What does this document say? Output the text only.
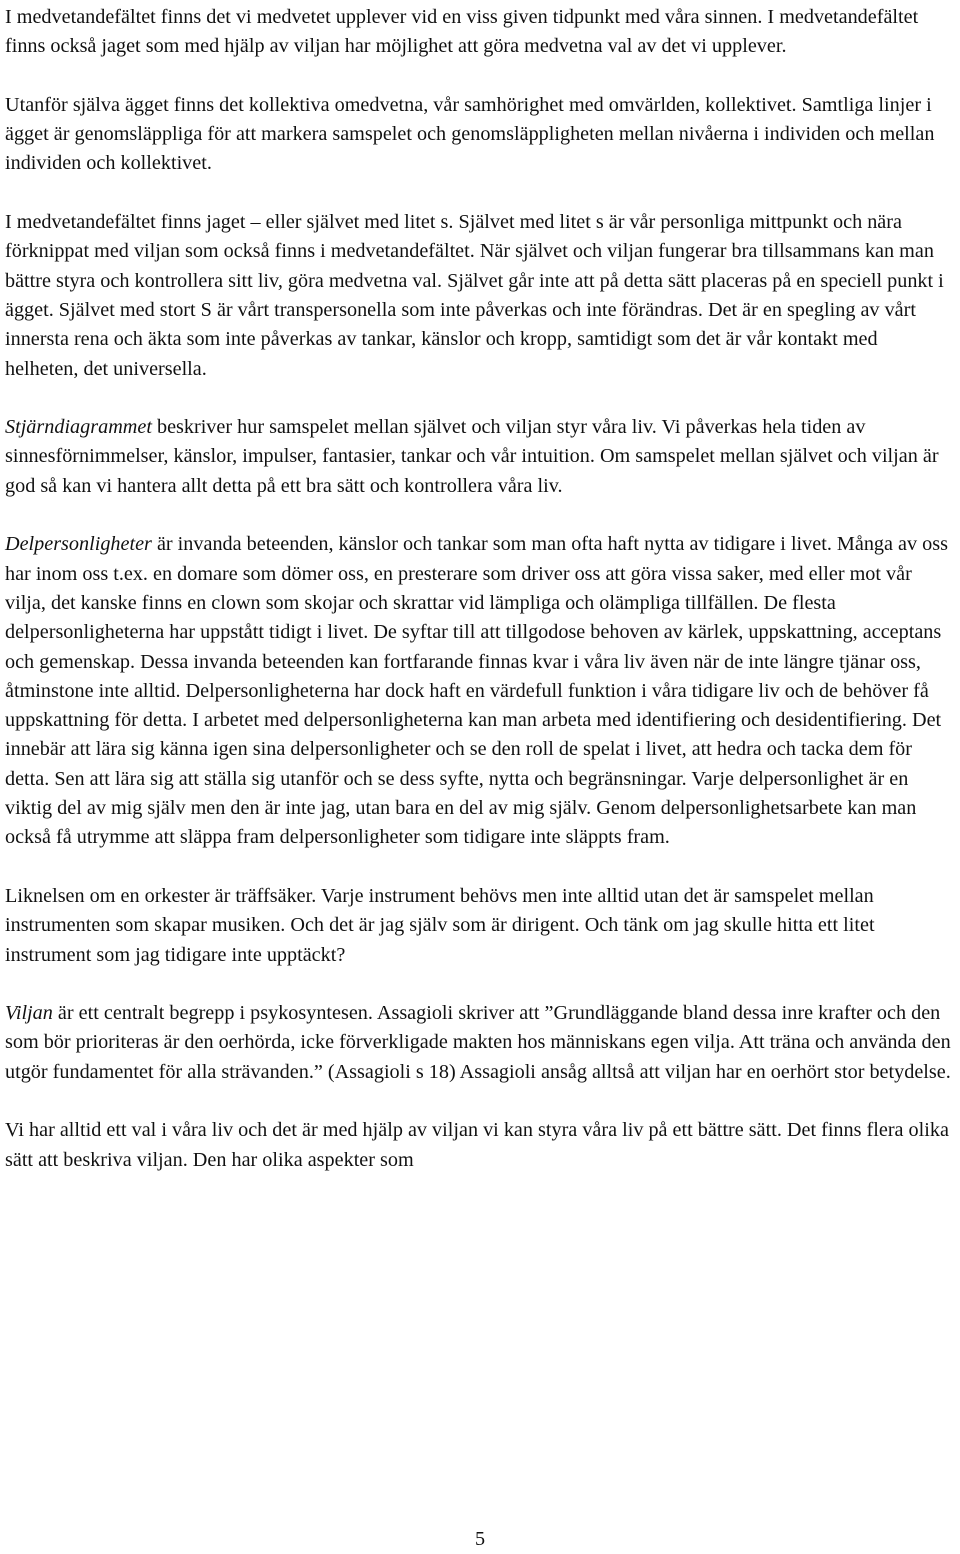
I medvetandefältet finns det vi medvetet upplever vid en viss given tidpunkt med våra sinnen. I medvetandefältet finns också jaget som med hjälp av viljan har möjlighet att göra medvetna val av det vi upplever.

Utanför själva ägget finns det kollektiva omedvetna, vår samhörighet med omvärlden, kollektivet. Samtliga linjer i ägget är genomsläppliga för att markera samspelet och genomsläppligheten mellan nivåerna i individen och mellan individen och kollektivet.

I medvetandefältet finns jaget – eller självet med litet s. Självet med litet s är vår personliga mittpunkt och nära förknippat med viljan som också finns i medvetandefältet. När självet och viljan fungerar bra tillsammans kan man bättre styra och kontrollera sitt liv, göra medvetna val. Självet går inte att på detta sätt placeras på en speciell punkt i ägget. Självet med stort S är vårt transpersonella som inte påverkas och inte förändras. Det är en spegling av vårt innersta rena och äkta som inte påverkas av tankar, känslor och kropp, samtidigt som det är vår kontakt med helheten, det universella.

Stjärndiagrammet beskriver hur samspelet mellan självet och viljan styr våra liv. Vi påverkas hela tiden av sinnesförnimmelser, känslor, impulser, fantasier, tankar och vår intuition. Om samspelet mellan självet och viljan är god så kan vi hantera allt detta på ett bra sätt och kontrollera våra liv.

Delpersonligheter är invanda beteenden, känslor och tankar som man ofta haft nytta av tidigare i livet. Många av oss har inom oss t.ex. en domare som dömer oss, en presterare som driver oss att göra vissa saker, med eller mot vår vilja, det kanske finns en clown som skojar och skrattar vid lämpliga och olämpliga tillfällen. De flesta delpersonligheterna har uppstått tidigt i livet. De syftar till att tillgodose behoven av kärlek, uppskattning, acceptans och gemenskap. Dessa invanda beteenden kan fortfarande finnas kvar i våra liv även när de inte längre tjänar oss, åtminstone inte alltid. Delpersonligheterna har dock haft en värdefull funktion i våra tidigare liv och de behöver få uppskattning för detta. I arbetet med delpersonligheterna kan man arbeta med identifiering och desidentifiering. Det innebär att lära sig känna igen sina delpersonligheter och se den roll de spelat i livet, att hedra och tacka dem för detta. Sen att lära sig att ställa sig utanför och se dess syfte, nytta och begränsningar. Varje delpersonlighet är en viktig del av mig själv men den är inte jag, utan bara en del av mig själv. Genom delpersonlighetsarbete kan man också få utrymme att släppa fram delpersonligheter som tidigare inte släppts fram.

Liknelsen om en orkester är träffsäker. Varje instrument behövs men inte alltid utan det är samspelet mellan instrumenten som skapar musiken. Och det är jag själv som är dirigent. Och tänk om jag skulle hitta ett litet instrument som jag tidigare inte upptäckt?

Viljan är ett centralt begrepp i psykosyntesen. Assagioli skriver att ”Grundläggande bland dessa inre krafter och den som bör prioriteras är den oerhörda, icke förverkligade makten hos människans egen vilja. Att träna och använda den utgör fundamentet för alla strävanden.” (Assagioli s 18) Assagioli ansåg alltså att viljan har en oerhört stor betydelse.

Vi har alltid ett val i våra liv och det är med hjälp av viljan vi kan styra våra liv på ett bättre sätt. Det finns flera olika sätt att beskriva viljan. Den har olika aspekter som

5
